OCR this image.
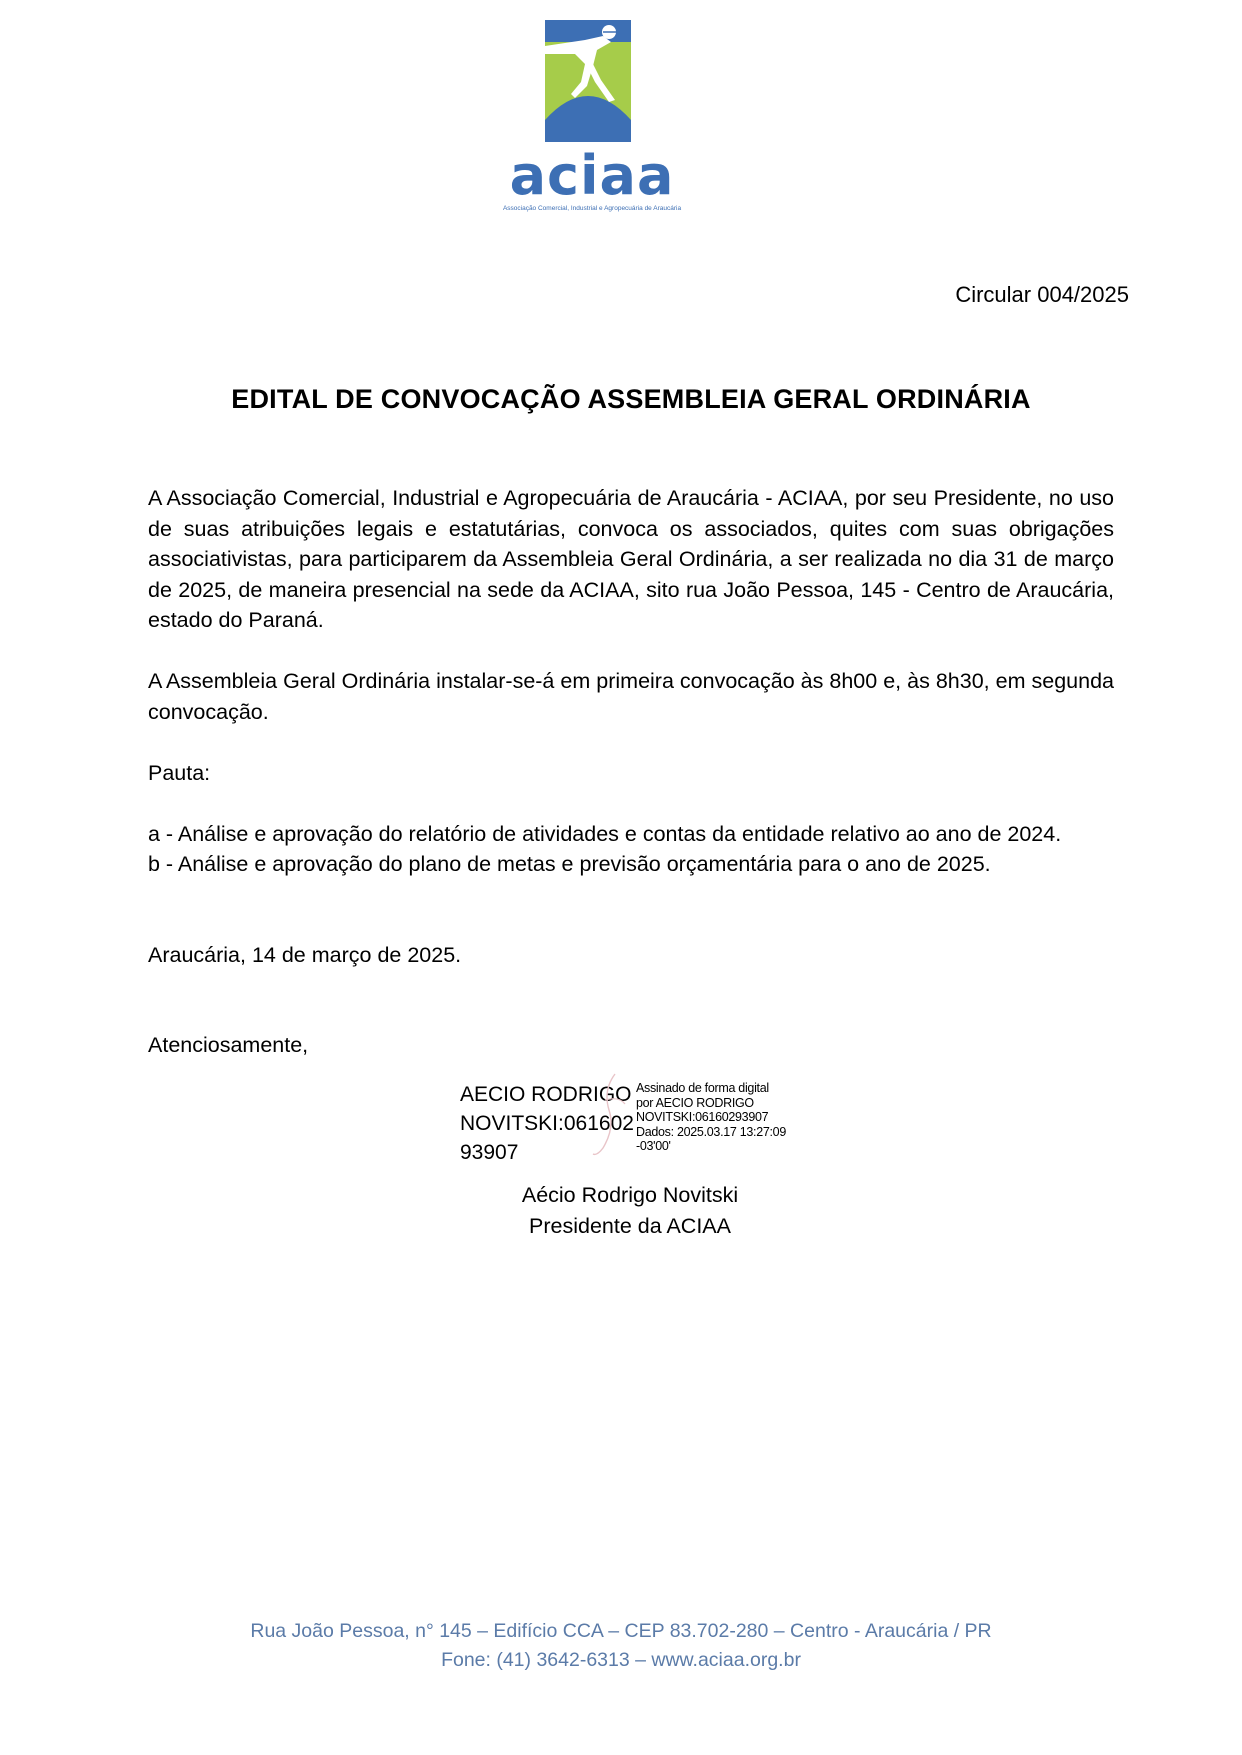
aciaa
Associação Comercial, Industrial e Agropecuária de Araucária
Circular 004/2025
EDITAL DE CONVOCAÇÃO ASSEMBLEIA GERAL ORDINÁRIA

A Associação Comercial, Industrial e Agropecuária de Araucária - ACIAA, por seu Presidente, no uso de suas atribuições legais e estatutárias, convoca os associados, quites com suas obrigações associativistas, para participarem da Assembleia Geral Ordinária, a ser realizada no dia 31 de março de 2025, de maneira presencial na sede da ACIAA, sito rua João Pessoa, 145 - Centro de Araucária, estado do Paraná.

A Assembleia Geral Ordinária instalar-se-á em primeira convocação às 8h00 e, às 8h30, em segunda convocação.

Pauta:
a - Análise e aprovação do relatório de atividades e contas da entidade relativo ao ano de 2024.
b - Análise e aprovação do plano de metas e previsão orçamentária para o ano de 2025.
Araucária, 14 de março de 2025.
Atenciosamente,
AECIO RODRIGO NOVITSKI:06160293907
Assinado de forma digital
por AECIO RODRIGO
NOVITSKI:06160293907
Dados: 2025.03.17 13:27:09
-03'00'
Aécio Rodrigo Novitski
Presidente da ACIAA
Rua João Pessoa, n° 145 – Edifício CCA – CEP 83.702-280 – Centro - Araucária / PR
Fone: (41) 3642-6313 – www.aciaa.org.br
